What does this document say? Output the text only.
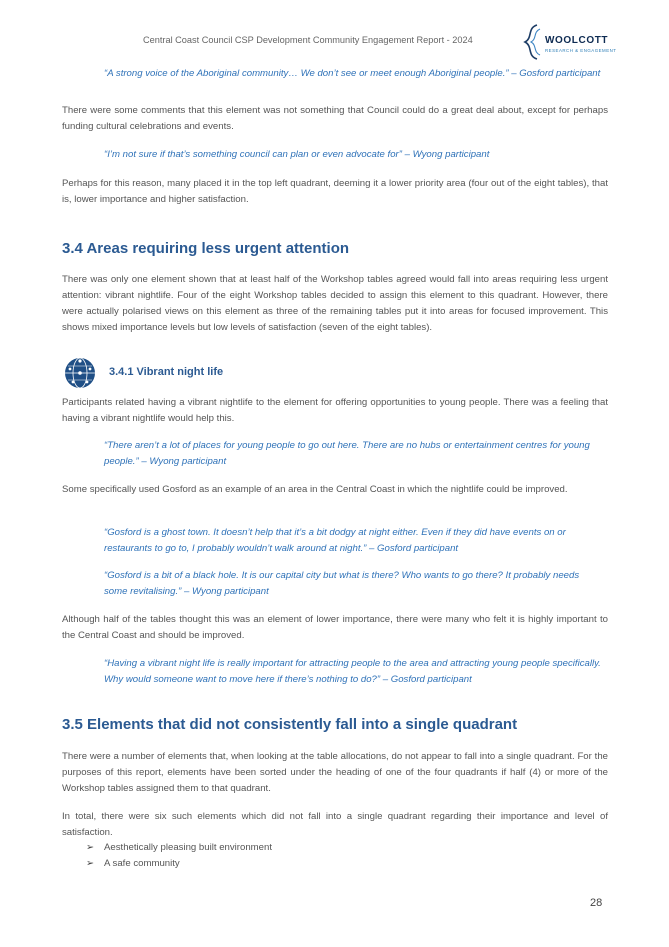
Central Coast Council CSP Development Community Engagement Report - 2024	WOOLCOTT
RESEARCH & ENGAGEMENT
“A strong voice of the Aboriginal community… We don’t see or meet enough Aboriginal people.” – Gosford participant
There were some comments that this element was not something that Council could do a great deal about, except for perhaps funding cultural celebrations and events.
“I’m not sure if that’s something council can plan or even advocate for” – Wyong participant
Perhaps for this reason, many placed it in the top left quadrant, deeming it a lower priority area (four out of the eight tables), that is, lower importance and higher satisfaction.
3.4 Areas requiring less urgent attention
There was only one element shown that at least half of the Workshop tables agreed would fall into areas requiring less urgent attention: vibrant nightlife. Four of the eight Workshop tables decided to assign this element to this quadrant. However, there were actually polarised views on this element as three of the remaining tables put it into areas for focused improvement. This shows mixed importance levels but low levels of satisfaction (seven of the eight tables).
3.4.1 Vibrant night life
Participants related having a vibrant nightlife to the element for offering opportunities to young people. There was a feeling that having a vibrant nightlife would help this.
“There aren’t a lot of places for young people to go out here. There are no hubs or entertainment centres for young people.” – Wyong participant
Some specifically used Gosford as an example of an area in the Central Coast in which the nightlife could be improved.
“Gosford is a ghost town. It doesn’t help that it’s a bit dodgy at night either. Even if they did have events on or restaurants to go to, I probably wouldn’t walk around at night.” – Gosford participant
“Gosford is a bit of a black hole. It is our capital city but what is there? Who wants to go there? It probably needs some revitalising.” – Wyong participant
Although half of the tables thought this was an element of lower importance, there were many who felt it is highly important to the Central Coast and should be improved.
“Having a vibrant night life is really important for attracting people to the area and attracting young people specifically. Why would someone want to move here if there’s nothing to do?” – Gosford participant
3.5 Elements that did not consistently fall into a single quadrant
There were a number of elements that, when looking at the table allocations, do not appear to fall into a single quadrant. For the purposes of this report, elements have been sorted under the heading of one of the four quadrants if half (4) or more of the Workshop tables assigned them to that quadrant.
In total, there were six such elements which did not fall into a single quadrant regarding their importance and level of satisfaction.
➢ Aesthetically pleasing built environment
➢ A safe community
28
